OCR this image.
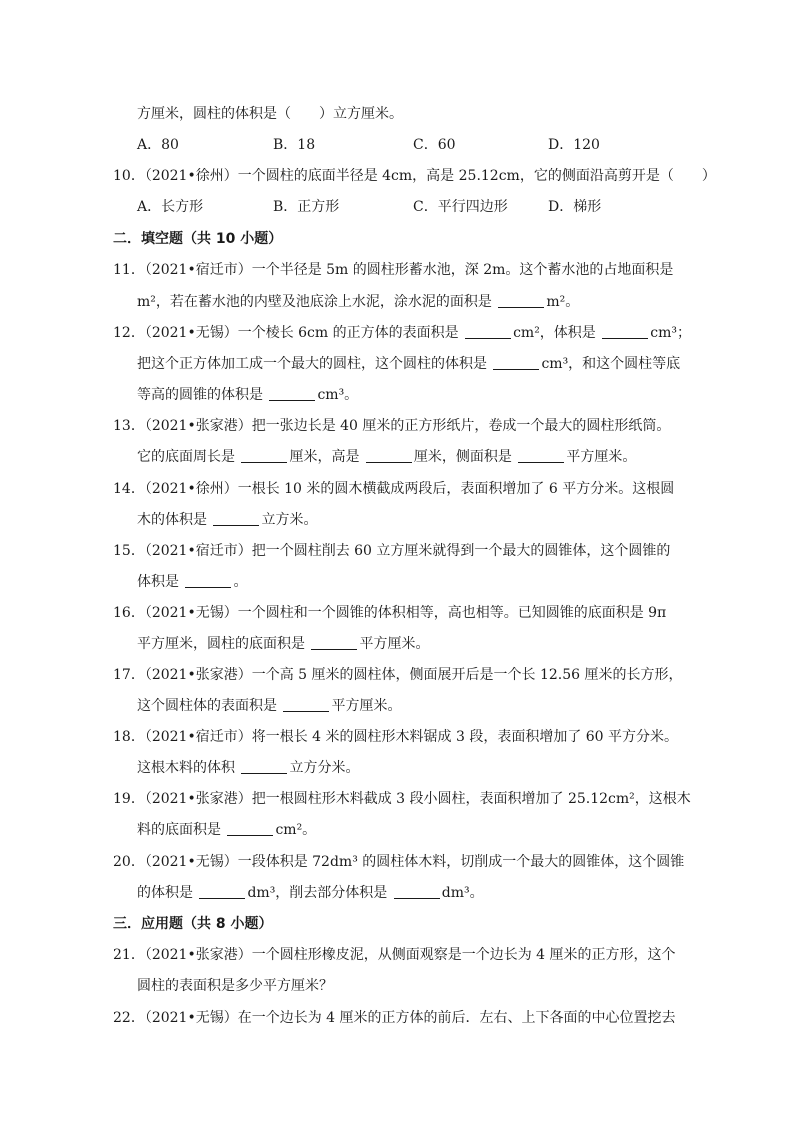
方厘米，圆柱的体积是（　　）立方厘米。
A．80	B．18	C．60	D．120
10．（2021•徐州）一个圆柱的底面半径是 4cm，高是 25.12cm，它的侧面沿高剪开是（　　）
A．长方形	B．正方形	C．平行四边形	D．梯形
二．填空题（共 10 小题）
11．（2021•宿迁市）一个半径是 5m 的圆柱形蓄水池，深 2m。这个蓄水池的占地面积是
m²，若在蓄水池的内壁及池底涂上水泥，涂水泥的面积是	m²。
12．（2021•无锡）一个棱长 6cm 的正方体的表面积是	cm²，体积是	cm³；
把这个正方体加工成一个最大的圆柱，这个圆柱的体积是	cm³，和这个圆柱等底
等高的圆锥的体积是	cm³。
13．（2021•张家港）把一张边长是 40 厘米的正方形纸片，卷成一个最大的圆柱形纸筒。
它的底面周长是	厘米，高是	厘米，侧面积是	平方厘米。
14．（2021•徐州）一根长 10 米的圆木横截成两段后，表面积增加了 6 平方分米。这根圆
木的体积是	立方米。
15．（2021•宿迁市）把一个圆柱削去 60 立方厘米就得到一个最大的圆锥体，这个圆锥的
体积是	。
16．（2021•无锡）一个圆柱和一个圆锥的体积相等，高也相等。已知圆锥的底面积是 9π
平方厘米，圆柱的底面积是	平方厘米。
17．（2021•张家港）一个高 5 厘米的圆柱体，侧面展开后是一个长 12.56 厘米的长方形，
这个圆柱体的表面积是	平方厘米。
18．（2021•宿迁市）将一根长 4 米的圆柱形木料锯成 3 段，表面积增加了 60 平方分米。
这根木料的体积	立方分米。
19．（2021•张家港）把一根圆柱形木料截成 3 段小圆柱，表面积增加了 25.12cm²，这根木
料的底面积是	cm²。
20．（2021•无锡）一段体积是 72dm³ 的圆柱体木料，切削成一个最大的圆锥体，这个圆锥
的体积是	dm³，削去部分体积是	dm³。
三．应用题（共 8 小题）
21．（2021•张家港）一个圆柱形橡皮泥，从侧面观察是一个边长为 4 厘米的正方形，这个
圆柱的表面积是多少平方厘米？
22．（2021•无锡）在一个边长为 4 厘米的正方体的前后．左右、上下各面的中心位置挖去
